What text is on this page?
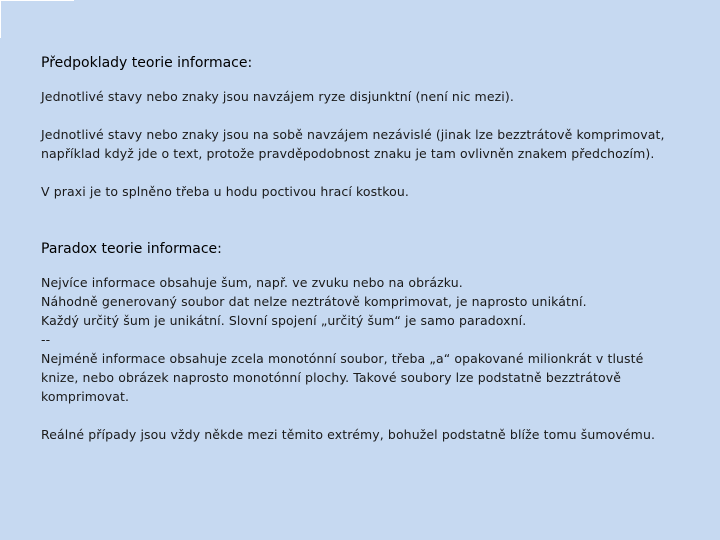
Předpoklady teorie informace:

Jednotlivé stavy nebo znaky jsou navzájem ryze disjunktní (není nic mezi).

Jednotlivé stavy nebo znaky jsou na sobě navzájem nezávislé (jinak lze bezztrátově komprimovat,

například když jde o text, protože pravděpodobnost znaku je tam ovlivněn znakem předchozím).

V praxi je to splněno třeba u hodu poctivou hrací kostkou.

Paradox teorie informace:

Nejvíce informace obsahuje šum, např. ve zvuku nebo na obrázku.

Náhodně generovaný soubor dat nelze neztrátově komprimovat, je naprosto unikátní.

Každý určitý šum je unikátní. Slovní spojení „určitý šum“ je samo paradoxní.

--

Nejméně informace obsahuje zcela monotónní soubor, třeba „a“ opakované milionkrát v tlusté

knize, nebo obrázek naprosto monotónní plochy. Takové soubory lze podstatně bezztrátově

komprimovat.

Reálné případy jsou vždy někde mezi těmito extrémy, bohužel podstatně blíže tomu šumovému.
